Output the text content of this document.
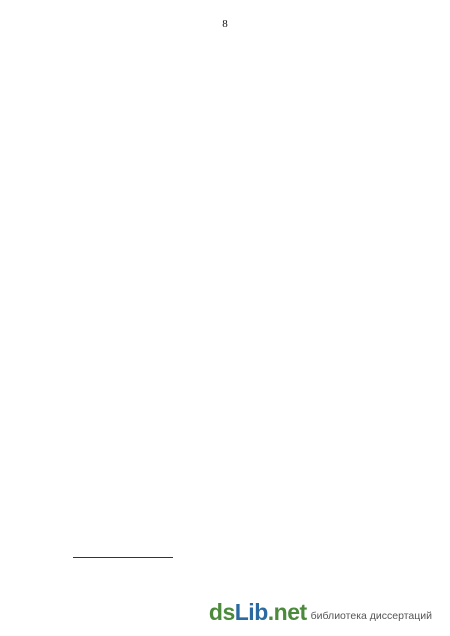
8
dsLib.net библиотека диссертаций
